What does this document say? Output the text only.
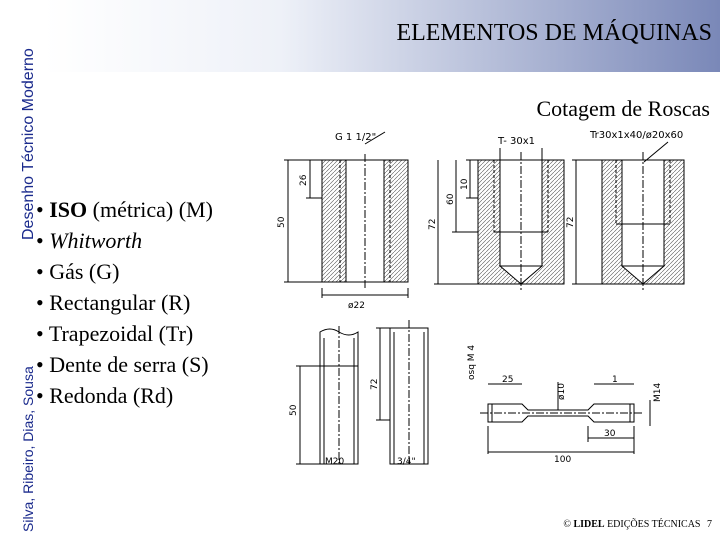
Desenho Técnico Moderno
Silva, Ribeiro, Dias, Sousa
ELEMENTOS DE MÁQUINAS
Cotagem de Roscas
• ISO (métrica) (M)
• Whitworth
• Gás (G)
• Rectangular (R)
• Trapezoidal (Tr)
• Dente de serra (S)
• Redonda (Rd)
G 1 1/2"
26
50
ø22
T- 30x1
10
60
72
Tr30x1x40/ø20x60
72
50
M20
72
3/4"
osq M 4	25
ø10
1
M14
30
100
© LIDEL EDIÇÕES TÉCNICAS 7
